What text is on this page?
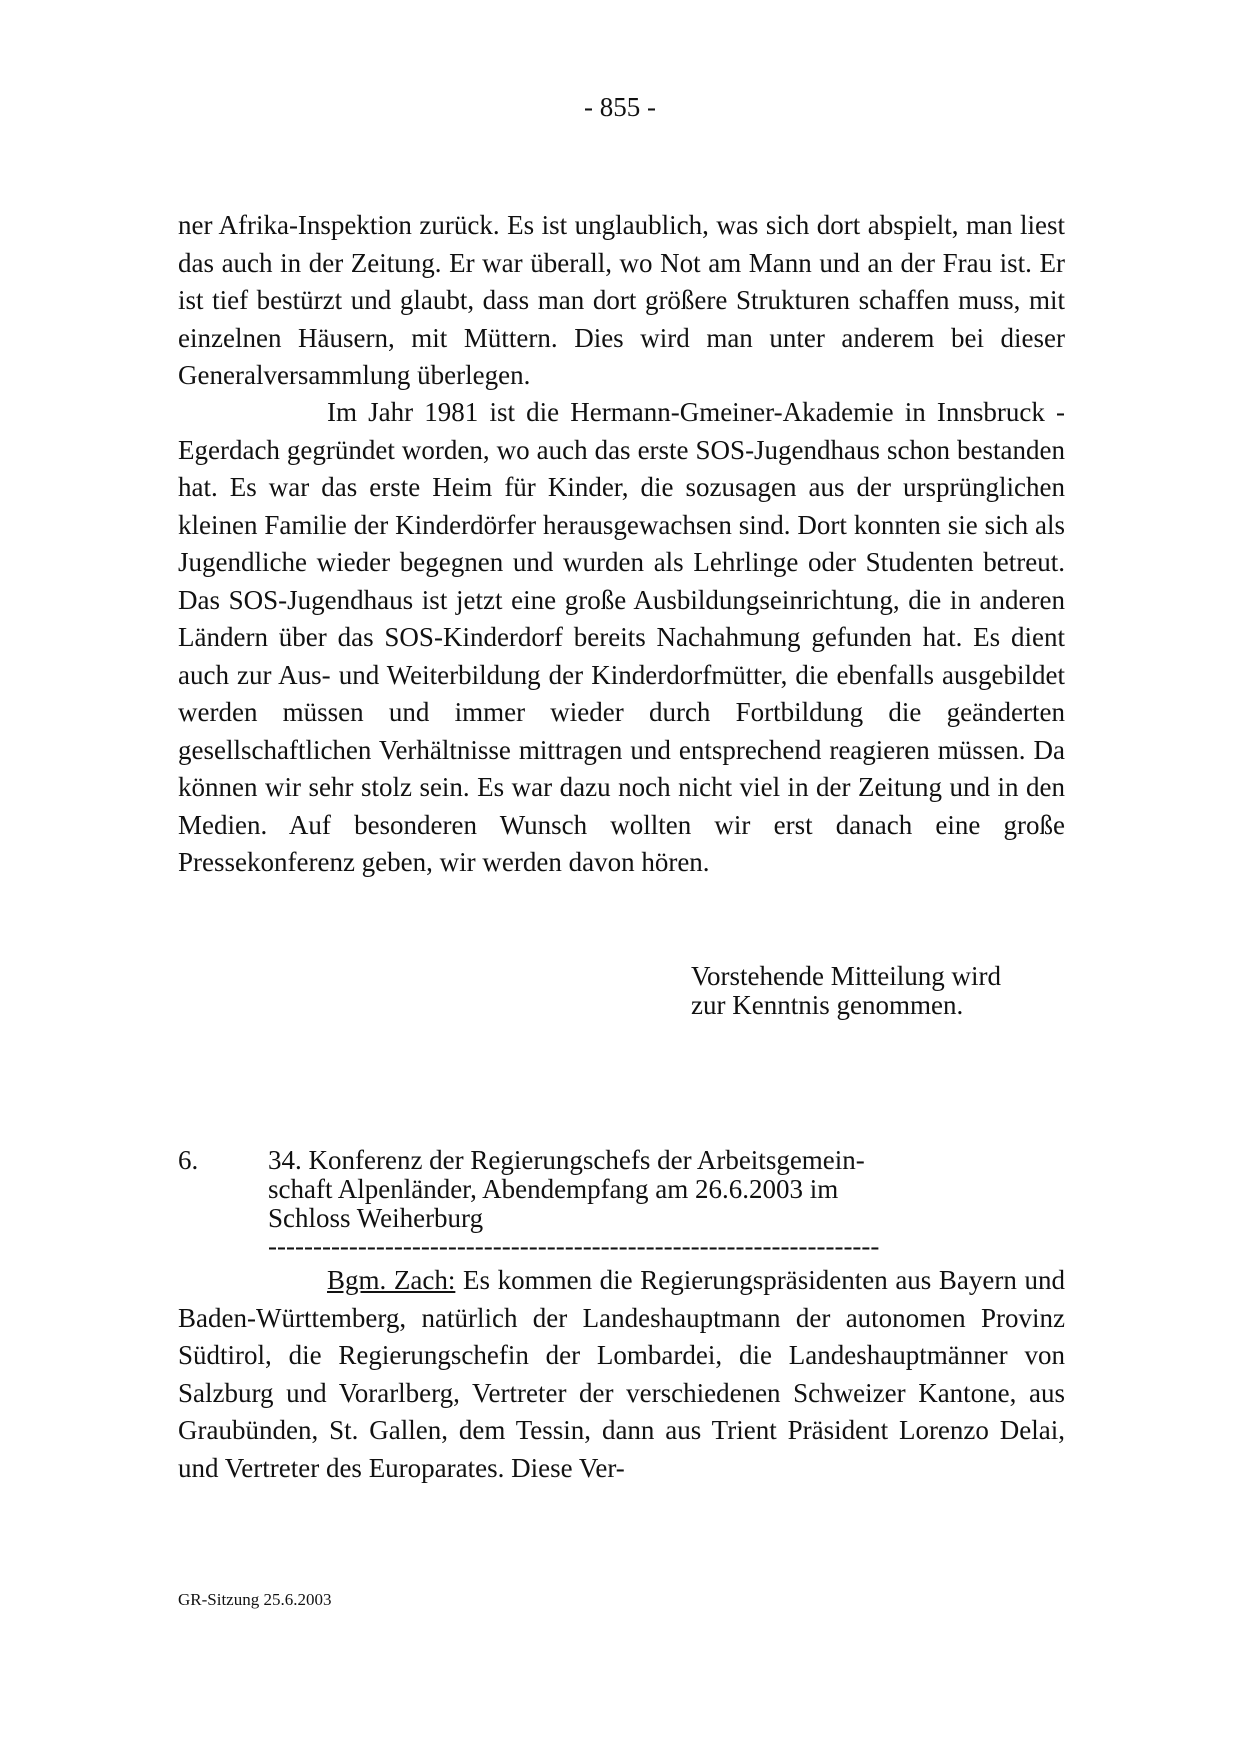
- 855 -

ner Afrika-Inspektion zurück. Es ist unglaublich, was sich dort abspielt, man liest das auch in der Zeitung. Er war überall, wo Not am Mann und an der Frau ist. Er ist tief bestürzt und glaubt, dass man dort größere Strukturen schaffen muss, mit einzelnen Häusern, mit Müttern. Dies wird man unter anderem bei dieser Generalversammlung überlegen.

Im Jahr 1981 ist die Hermann-Gmeiner-Akademie in Innsbruck - Egerdach gegründet worden, wo auch das erste SOS-Jugendhaus schon bestanden hat. Es war das erste Heim für Kinder, die sozusagen aus der ursprünglichen kleinen Familie der Kinderdörfer herausgewachsen sind. Dort konnten sie sich als Jugendliche wieder begegnen und wurden als Lehrlinge oder Studenten betreut. Das SOS-Jugendhaus ist jetzt eine große Ausbildungseinrichtung, die in anderen Ländern über das SOS-Kinderdorf bereits Nachahmung gefunden hat. Es dient auch zur Aus- und Weiterbildung der Kinderdorfmütter, die ebenfalls ausgebildet werden müssen und immer wieder durch Fortbildung die geänderten gesellschaftlichen Verhältnisse mittragen und entsprechend reagieren müssen. Da können wir sehr stolz sein. Es war dazu noch nicht viel in der Zeitung und in den Medien. Auf besonderen Wunsch wollten wir erst danach eine große Pressekonferenz geben, wir werden davon hören.

Vorstehende Mitteilung wird
zur Kenntnis genommen.

6.	34. Konferenz der Regierungschefs der Arbeitsgemein-
schaft Alpenländer, Abendempfang am 26.6.2003 im
Schloss Weiherburg
--------------------------------------------------------------------

Bgm. Zach: Es kommen die Regierungspräsidenten aus Bayern und Baden-Württemberg, natürlich der Landeshauptmann der autonomen Provinz Südtirol, die Regierungschefin der Lombardei, die Landeshauptmänner von Salzburg und Vorarlberg, Vertreter der verschiedenen Schweizer Kantone, aus Graubünden, St. Gallen, dem Tessin, dann aus Trient Präsident Lorenzo Delai, und Vertreter des Europarates. Diese Ver-

GR-Sitzung 25.6.2003
